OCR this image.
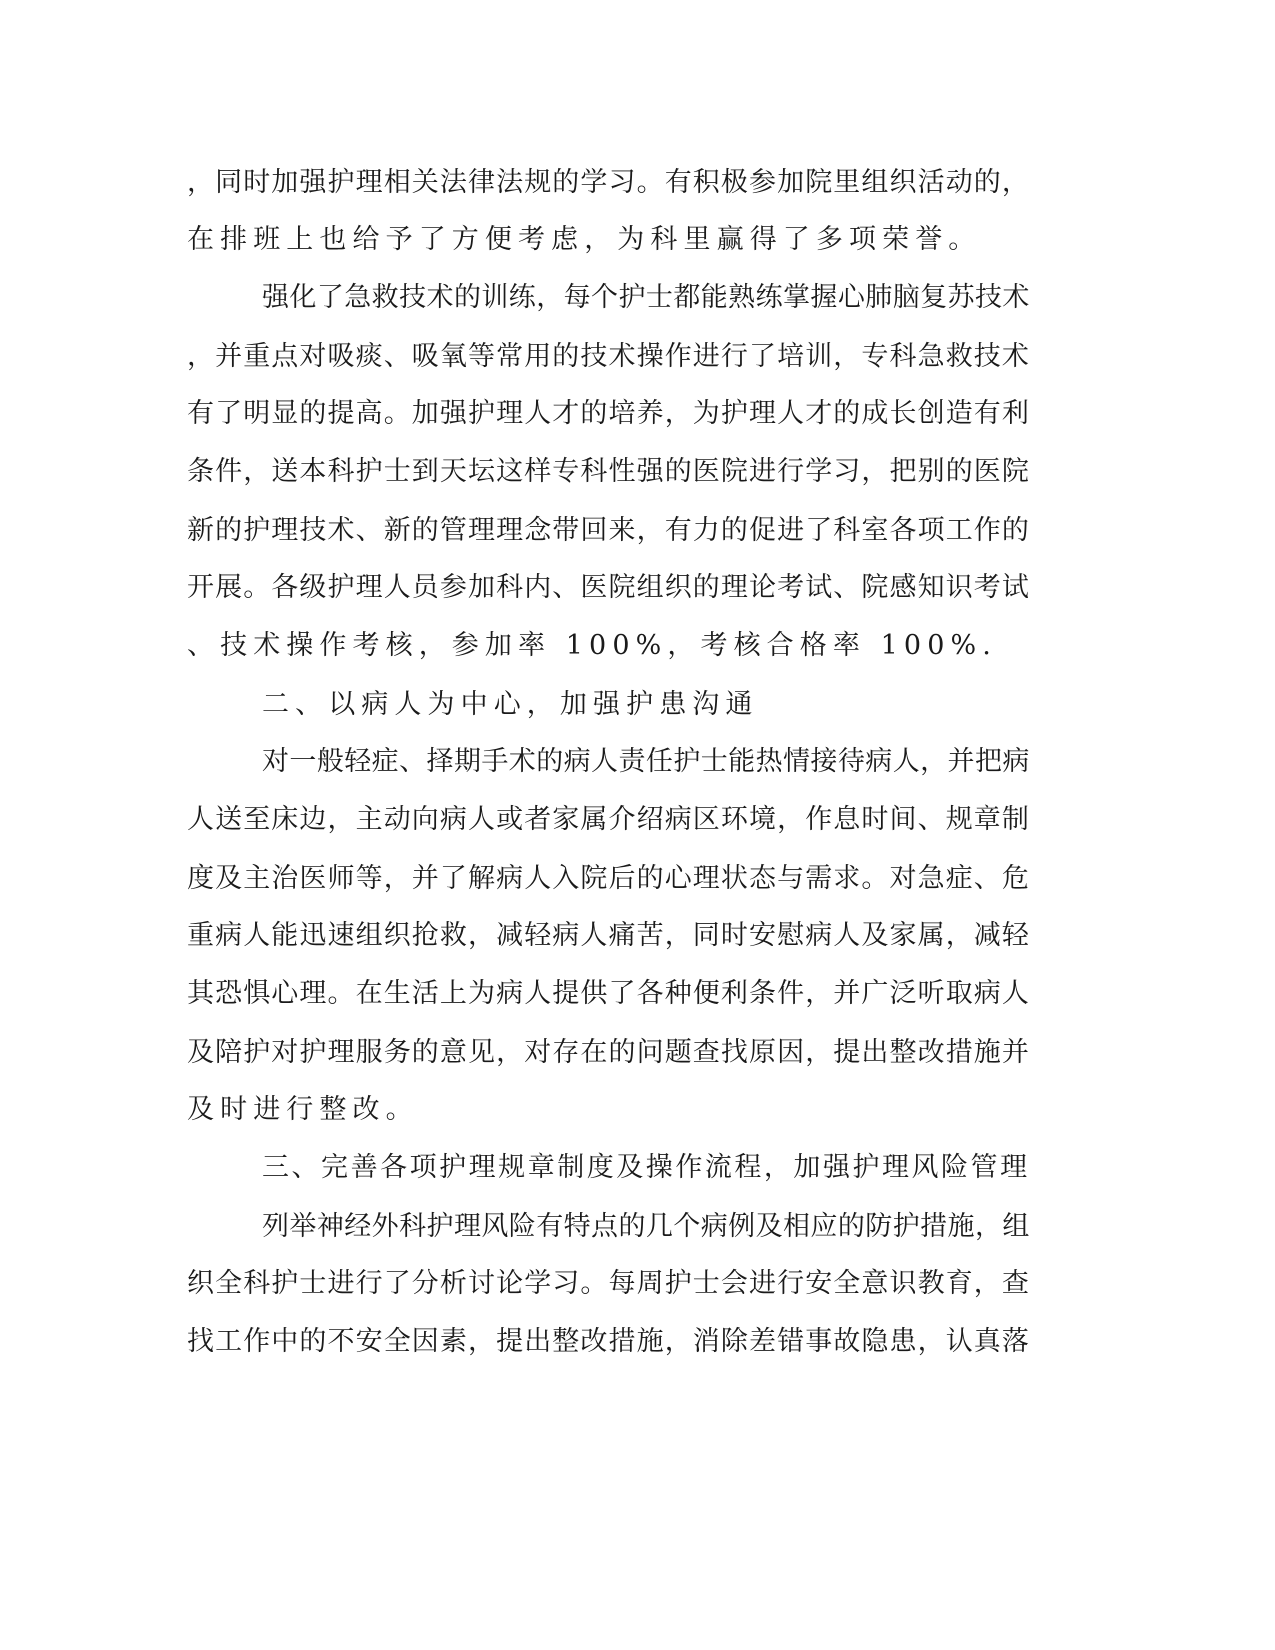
，同时加强护理相关法律法规的学习。有积极参加院里组织活动的，

在排班上也给予了方便考虑，为科里赢得了多项荣誉。

强化了急救技术的训练，每个护士都能熟练掌握心肺脑复苏技术

，并重点对吸痰、吸氧等常用的技术操作进行了培训，专科急救技术

有了明显的提高。加强护理人才的培养，为护理人才的成长创造有利

条件，送本科护士到天坛这样专科性强的医院进行学习，把别的医院

新的护理技术、新的管理理念带回来，有力的促进了科室各项工作的

开展。各级护理人员参加科内、医院组织的理论考试、院感知识考试

、技术操作考核，参加率 100%，考核合格率 100%.

二、以病人为中心，加强护患沟通

对一般轻症、择期手术的病人责任护士能热情接待病人，并把病

人送至床边，主动向病人或者家属介绍病区环境，作息时间、规章制

度及主治医师等，并了解病人入院后的心理状态与需求。对急症、危

重病人能迅速组织抢救，减轻病人痛苦，同时安慰病人及家属，减轻

其恐惧心理。在生活上为病人提供了各种便利条件，并广泛听取病人

及陪护对护理服务的意见，对存在的问题查找原因，提出整改措施并

及时进行整改。

三、完善各项护理规章制度及操作流程，加强护理风险管理

列举神经外科护理风险有特点的几个病例及相应的防护措施，组

织全科护士进行了分析讨论学习。每周护士会进行安全意识教育，查

找工作中的不安全因素，提出整改措施，消除差错事故隐患，认真落
